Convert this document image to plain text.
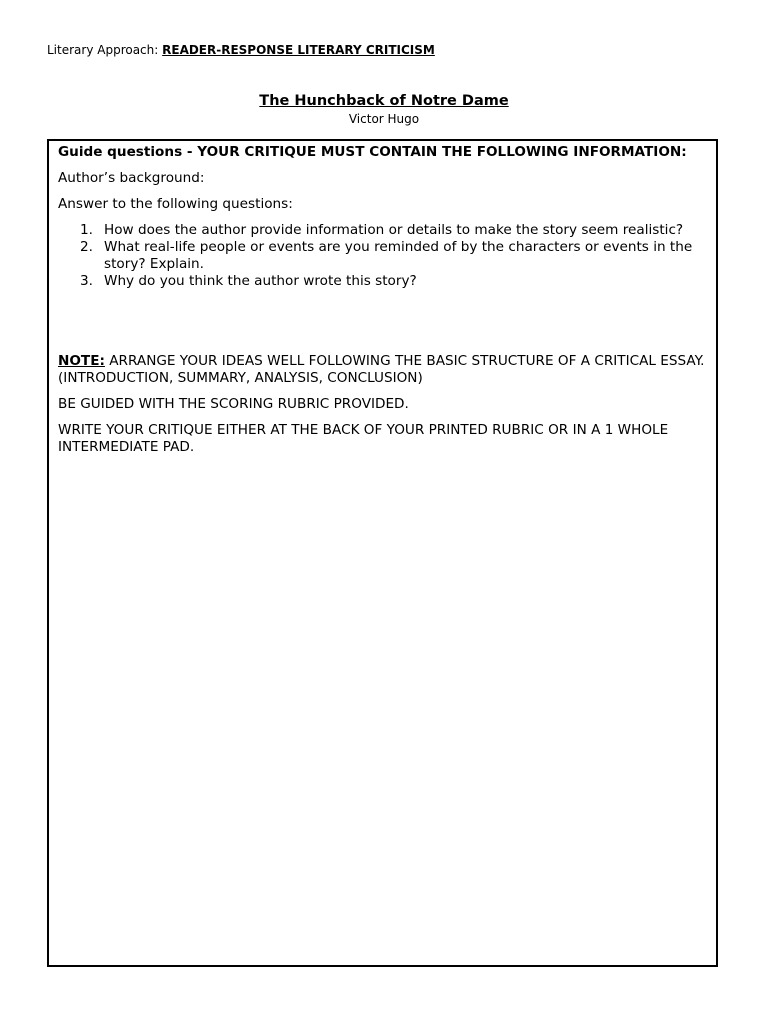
Literary Approach: READER-RESPONSE LITERARY CRITICISM
The Hunchback of Notre Dame
Victor Hugo

Guide questions - YOUR CRITIQUE MUST CONTAIN THE FOLLOWING INFORMATION:

Author’s background:

Answer to the following questions:

1. How does the author provide information or details to make the story seem realistic?
2. What real-life people or events are you reminded of by the characters or events in the story? Explain.
3. Why do you think the author wrote this story?

NOTE: ARRANGE YOUR IDEAS WELL FOLLOWING THE BASIC STRUCTURE OF A CRITICAL ESSAY. (INTRODUCTION, SUMMARY, ANALYSIS, CONCLUSION)

BE GUIDED WITH THE SCORING RUBRIC PROVIDED.

WRITE YOUR CRITIQUE EITHER AT THE BACK OF YOUR PRINTED RUBRIC OR IN A 1 WHOLE INTERMEDIATE PAD.
